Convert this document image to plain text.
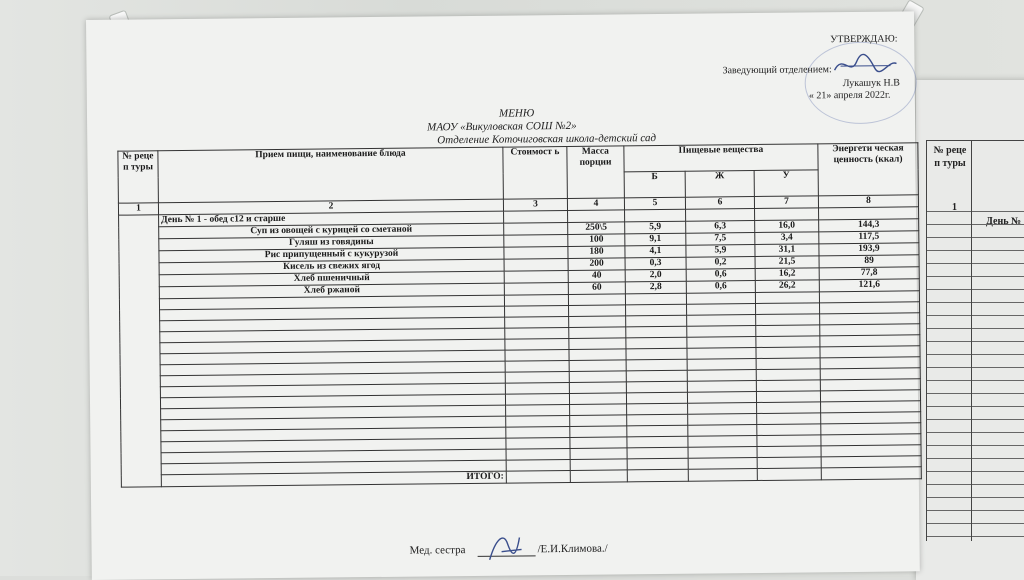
№ реце п туры
1
День №
УТВЕРЖДАЮ:
Заведующий отделением:
Лукашук Н.В
« 21» апреля 2022г.
МЕНЮ
МАОУ «Викуловская СОШ №2»
Отделение Коточиговская школа-детский сад
№ реце п туры	Прием пищи, наименование блюда	Стоимост ь	Масса порции	Пищевые вещества			Энергети ческая ценность (ккал)
				Б	Ж	У	
1	2	3	4	5	6	7	8
	День № 1 - обед с12 и старше						
	Суп из овощей с курицей со сметаной		250\5	5,9	6,3	16,0	144,3
	Гуляш из говядины		100	9,1	7,5	3,4	117,5
	Рис припущенный с кукурузой		180	4,1	5,9	31,1	193,9
	Кисель из свежих ягод		200	0,3	0,2	21,5	89
	Хлеб пшеничный		40	2,0	0,6	16,2	77,8
	Хлеб ржаной		60	2,8	0,6	26,2	121,6

	ИТОГО:						
Мед. сестра	/Е.И.Климова./
